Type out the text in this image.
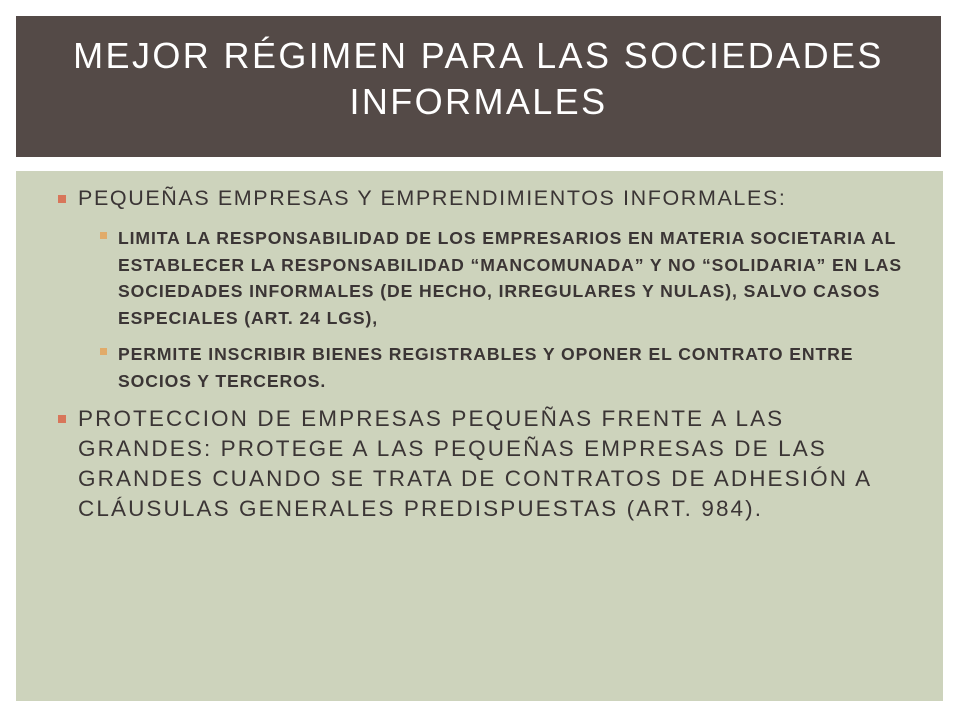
MEJOR RÉGIMEN PARA LAS SOCIEDADES INFORMALES
PEQUEÑAS EMPRESAS Y EMPRENDIMIENTOS INFORMALES:
LIMITA LA RESPONSABILIDAD DE LOS EMPRESARIOS EN MATERIA SOCIETARIA AL ESTABLECER LA RESPONSABILIDAD “MANCOMUNADA” Y NO “SOLIDARIA” EN LAS SOCIEDADES INFORMALES (DE HECHO, IRREGULARES Y NULAS), SALVO CASOS ESPECIALES (ART. 24 LGS),
PERMITE INSCRIBIR BIENES REGISTRABLES Y OPONER EL CONTRATO ENTRE SOCIOS Y TERCEROS.
PROTECCION DE EMPRESAS PEQUEÑAS FRENTE A LAS GRANDES: PROTEGE A LAS PEQUEÑAS EMPRESAS DE LAS GRANDES CUANDO SE TRATA DE CONTRATOS DE ADHESIÓN A CLÁUSULAS GENERALES PREDISPUESTAS (ART. 984).
